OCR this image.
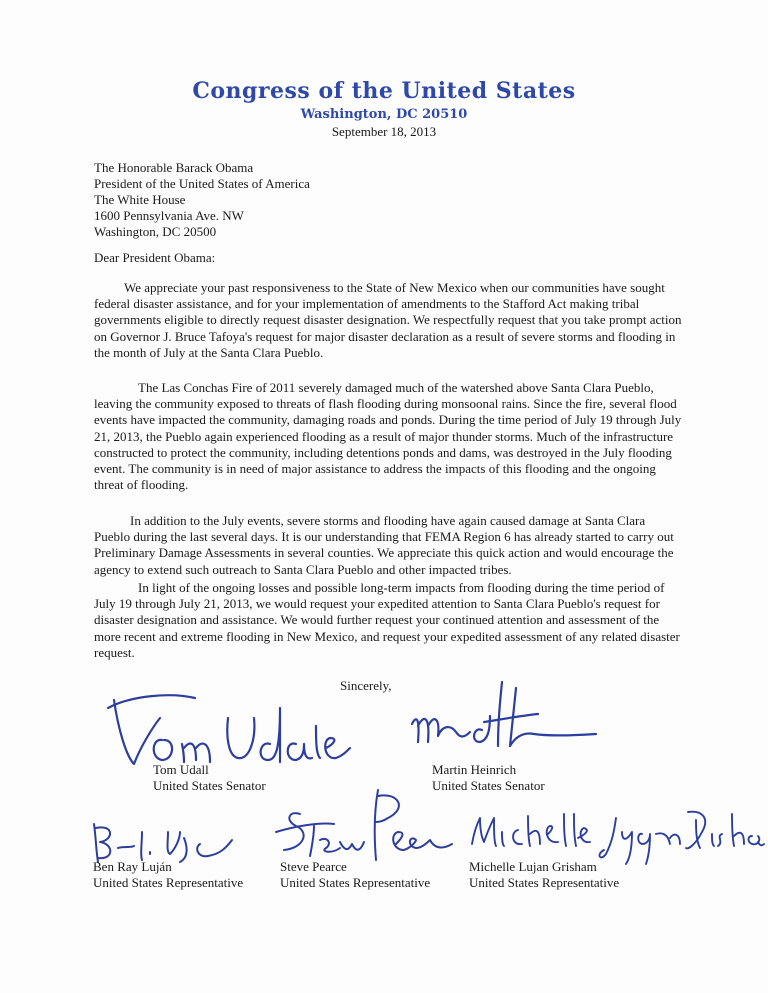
Congress of the United States
Washington, DC 20510
September 18, 2013
The Honorable Barack Obama
President of the United States of America
The White House
1600 Pennsylvania Ave. NW
Washington, DC 20500
Dear President Obama:

We appreciate your past responsiveness to the State of New Mexico when our communities have sought federal disaster assistance, and for your implementation of amendments to the Stafford Act making tribal governments eligible to directly request disaster designation. We respectfully request that you take prompt action on Governor J. Bruce Tafoya's request for major disaster declaration as a result of severe storms and flooding in the month of July at the Santa Clara Pueblo.

The Las Conchas Fire of 2011 severely damaged much of the watershed above Santa Clara Pueblo, leaving the community exposed to threats of flash flooding during monsoonal rains. Since the fire, several flood events have impacted the community, damaging roads and ponds. During the time period of July 19 through July 21, 2013, the Pueblo again experienced flooding as a result of major thunder storms. Much of the infrastructure constructed to protect the community, including detentions ponds and dams, was destroyed in the July flooding event. The community is in need of major assistance to address the impacts of this flooding and the ongoing threat of flooding.

In addition to the July events, severe storms and flooding have again caused damage at Santa Clara Pueblo during the last several days. It is our understanding that FEMA Region 6 has already started to carry out Preliminary Damage Assessments in several counties. We appreciate this quick action and would encourage the agency to extend such outreach to Santa Clara Pueblo and other impacted tribes.

In light of the ongoing losses and possible long-term impacts from flooding during the time period of July 19 through July 21, 2013, we would request your expedited attention to Santa Clara Pueblo's request for disaster designation and assistance. We would further request your continued attention and assessment of the more recent and extreme flooding in New Mexico, and request your expedited assessment of any related disaster request.

Sincerely,
Tom Udall
United States Senator
Martin Heinrich
United States Senator
Ben Ray Luján
United States Representative
Steve Pearce
United States Representative
Michelle Lujan Grisham
United States Representative
